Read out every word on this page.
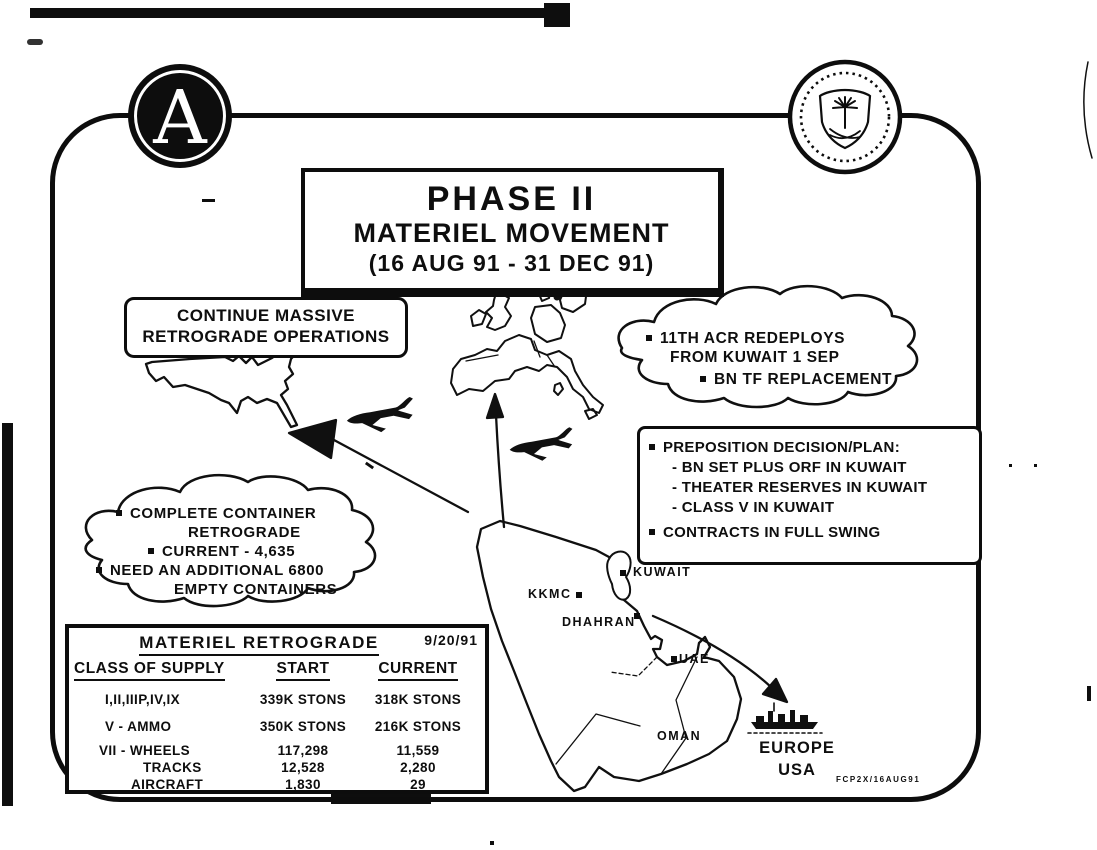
A
PHASE II
MATERIEL MOVEMENT
(16 AUG 91 - 31 DEC 91)
CONTINUE MASSIVE
RETROGRADE OPERATIONS	11TH ACR REDEPLOYS
FROM KUWAIT 1 SEP
BN TF REPLACEMENT
PREPOSITION DECISION/PLAN:
- BN SET PLUS ORF IN KUWAIT
- THEATER RESERVES IN KUWAIT
- CLASS V IN KUWAIT
CONTRACTS IN FULL SWING
COMPLETE CONTAINER
RETROGRADE
CURRENT - 4,635
NEED AN ADDITIONAL 6800
EMPTY CONTAINERS
9/20/91
MATERIEL RETROGRADE
CLASS OF SUPPLY	START	CURRENT
I,II,IIIP,IV,IX	339K STONS	318K STONS
V - AMMO	350K STONS	216K STONS
VII - WHEELS	117,298	11,559
TRACKS	12,528	2,280
AIRCRAFT	1,830	29
KUWAIT
KKMC
DHAHRAN
UAE
OMAN
EUROPE
USA
FCP2X/16AUG91
